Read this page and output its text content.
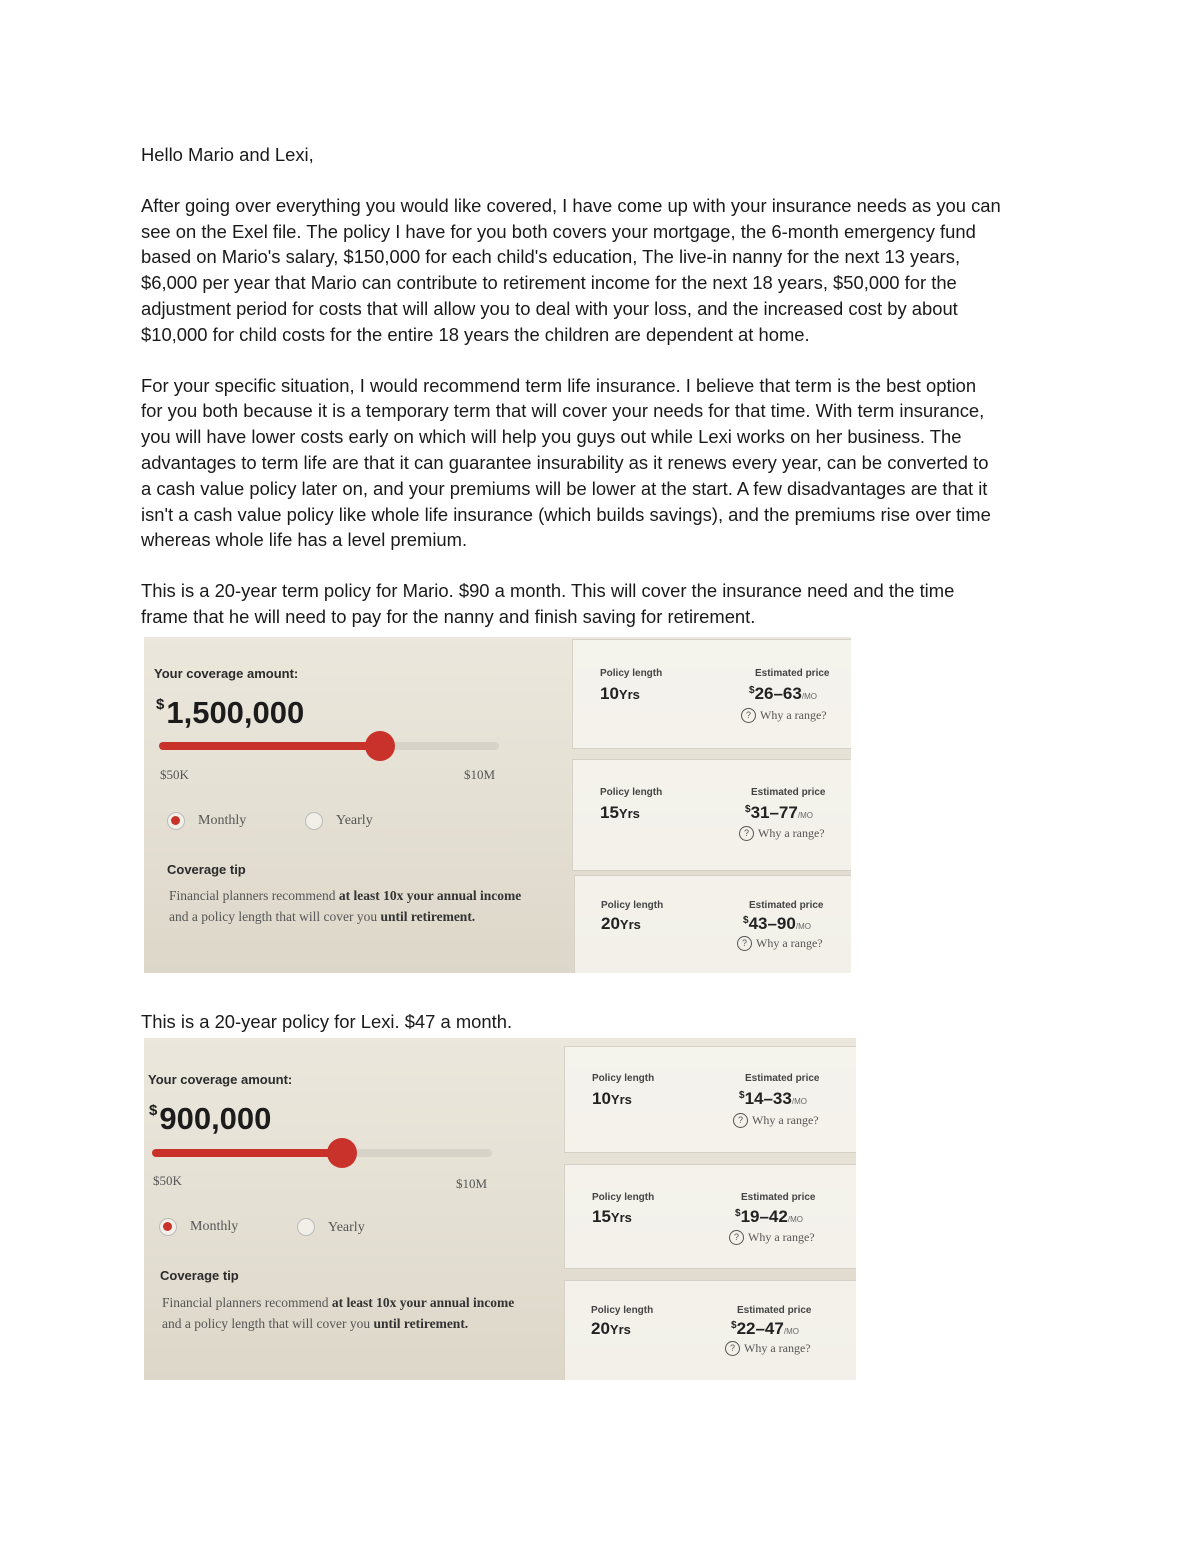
Hello Mario and Lexi,

After going over everything you would like covered, I have come up with your insurance needs as you can
see on the Exel file. The policy I have for you both covers your mortgage, the 6-month emergency fund
based on Mario's salary, $150,000 for each child's education, The live-in nanny for the next 13 years,
$6,000 per year that Mario can contribute to retirement income for the next 18 years, $50,000 for the
adjustment period for costs that will allow you to deal with your loss, and the increased cost by about
$10,000 for child costs for the entire 18 years the children are dependent at home.

For your specific situation, I would recommend term life insurance. I believe that term is the best option
for you both because it is a temporary term that will cover your needs for that time. With term insurance,
you will have lower costs early on which will help you guys out while Lexi works on her business. The
advantages to term life are that it can guarantee insurability as it renews every year, can be converted to
a cash value policy later on, and your premiums will be lower at the start. A few disadvantages are that it
isn't a cash value policy like whole life insurance (which builds savings), and the premiums rise over time
whereas whole life has a level premium.

This is a 20-year term policy for Mario. $90 a month. This will cover the insurance need and the time
frame that he will need to pay for the nanny and finish saving for retirement.

Your coverage amount:
$1,500,000
$50K	$10M
Monthly	Yearly
Coverage tip
Financial planners recommend at least 10x your annual income and a policy length that will cover you until retirement.
Policy length
10Yrs
Estimated price
$26–63/MO
? Why a range?
Policy length
15Yrs
Estimated price
$31–77/MO
? Why a range?
Policy length
20Yrs
Estimated price
$43–90/MO
? Why a range?

This is a 20-year policy for Lexi. $47 a month.

Your coverage amount:
$900,000
$50K	$10M
Monthly	Yearly
Coverage tip
Financial planners recommend at least 10x your annual income and a policy length that will cover you until retirement.
Policy length
10Yrs
Estimated price
$14–33/MO
? Why a range?
Policy length
15Yrs
Estimated price
$19–42/MO
? Why a range?
Policy length
20Yrs
Estimated price
$22–47/MO
? Why a range?
